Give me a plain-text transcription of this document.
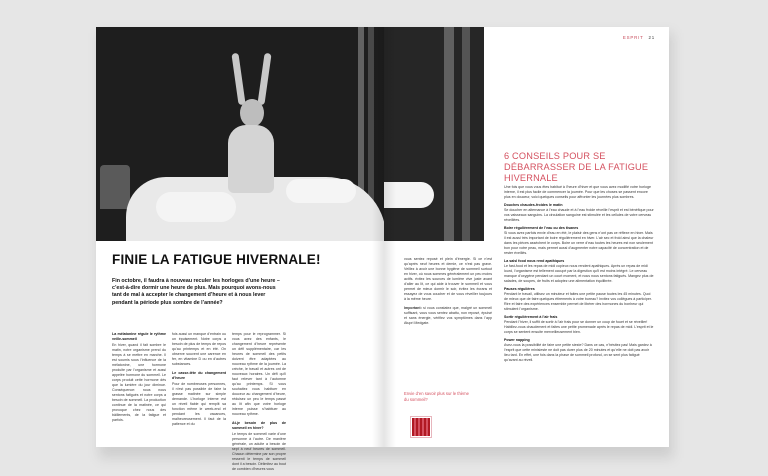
FINIE LA FATIGUE HIVERNALE!
Fin octobre, il faudra à nouveau reculer les horloges d’une heure – c’est-à-dire dormir une heure de plus. Mais pourquoi avons-nous tant de mal à accepter le changement d’heure et à nous lever pendant la période plus sombre de l’année?
La mélatonine régule le rythme veille-sommeil

En hiver, quand il fait sombre le matin, notre organisme prend du temps à se mettre en marche. Il est soumis sous l’influence de la mélatonine, une hormone produite par l’organisme et aussi appelée hormone du sommeil. Le corps produit cette hormone dès que la lumière du jour diminue. Conséquence: nous nous sentons fatigués et notre corps a besoin de sommeil. La production continue de la matinée, ce qui provoque chez nous des bâillements, de la fatigue et parfois.

fois aussi un manque d’entrain ou un épuisement. Notre corps a besoin de plus de temps de repos qu’au printemps et en été. On observe souvent une carence en fer, en vitamine D ou en d’autres substances.

Le casse-tête du changement d’heure

Pour de nombreuses personnes, il n’est pas possible de faire la grasse matinée sur simple demande. L’horloge interne est un réveil fiable qui remplit sa fonction même le week-end et pendant les vacances, malheureusement. Il faut de la patience et du

ESPRIT 21
6 CONSEILS POUR SE DÉBARRASSER DE LA FATIGUE HIVERNALE

Une fois que vous vous êtes habitué à l’heure d’hiver et que vous avez modifié votre horloge interne, il est plus facile de commencer la journée. Pour que les choses se passent encore plus en douceur, voici quelques conseils pour affronter les journées plus sombres.

Douches chaudes-froides le matin

Se doucher en alternance à l’eau chaude et à l’eau froide réveille l’esprit et est bénéfique pour vos vaisseaux sanguins. La circulation sanguine est stimulée et les cellules de votre cerveau réveillées.

Boire régulièrement de l’eau ou des tisanes

Si vous avez parfois envie d’eau en été, le plaisir des gens n’ont pas ce réflexe en hiver. Mais il est aussi très important de boire régulièrement en hiver. L’air sec et froid ainsi que la chaleur dans les pièces assèchent le corps. Boire un verre d’eau toutes les heures est non seulement bon pour votre peau, mais permet aussi d’augmenter notre capacité de concentration et de rester éveillés.

La saisl food nous rend apathiques

Le fast-food et les repas de midi copieux nous rendent apathiques. Après un repas de midi lourd, l’organisme est tellement occupé par la digestion qu’il est moins intégré. Le cerveau manque d’oxygène pendant un court moment, et nous nous sentons fatigués. Mangez plus de salades, de soupes, de fruits et adoptez une alimentation équilibrée.

Pauses régulières

Pendant le travail, utilisez un minuteur et faites une petite pause toutes les 45 minutes. Quoi de mieux que de faire quelques étirements à votre bureau? Invitez vos collègues à participer. Rire et faire des expériences ensemble permet de libérer des hormones du bonheur qui stimulent l’organisme.

Sortir régulièrement à l’air frais

Pendant l’hiver, il suffit de sortir à l’air frais pour se donner un coup de fouet et se réveiller! Habillez-vous chaudement et faites une petite promenade après le repas de midi. L’esprit et le corps se sentent ensuite merveilleusement bien.

Power napping

Avez-vous la possibilité de faire une petite sieste? Dans ce cas, n’hésitez pas! Mais gardez à l’esprit que cette minisieste ne doit pas durer plus de 20 minutes et qu’elle ne doit pas avoir lieu tard. En effet, une fois dans la phase de sommeil profond, on se sent plus fatigué qu’avant au réveil.

Envie d’en savoir plus sur le thème du sommeil?

temps pour le reprogrammer. Si vous avez des enfants, le changement d’heure représente un défi supplémentaire, car les heures de sommeil des petits doivent être adaptées au nouveau rythme de la journée. La crèche, le travail et autres ont de nouveaux horaires. Un défi qu’il faut relever tant à l’automne qu’au printemps. Si vous souhaitez vous habituer en douceur au changement d’heure, réduisez un peu le temps passé au lit afin que votre horloge interne puisse s’habituer au nouveau rythme.

At-je besoin de plus de sommeil en hiver?

Le temps de sommeil varie d’une personne à l’autre. De manière générale, un adulte a besoin de sept à neuf heures de sommeil. Chacun détermine par son propre ressenti le temps de sommeil dont il a besoin. Délimitez au bout de combien d’heures vous

vous sentez reposé et plein d’énergie. Si ce n’est qu’après neuf heures et demie, ce n’est pas grave. Veillez à avoir une bonne hygiène de sommeil surtout en hiver, où nous sommes généralement un peu moins actifs. évitez les sources de lumière vive juste avant d’aller au lit, ce qui aide à trouver le sommeil et vous permet de mieux dormir le soir, évitez les écrans et essayez de vous coucher et de vous réveiller toujours à la même heure.

Important: si vous constatez que, malgré un sommeil suffisant, vous vous sentez abattu, non reposé, épuisé et sans énergie, vérifiez vos symptômes dans l’app Atupri Medgate.
